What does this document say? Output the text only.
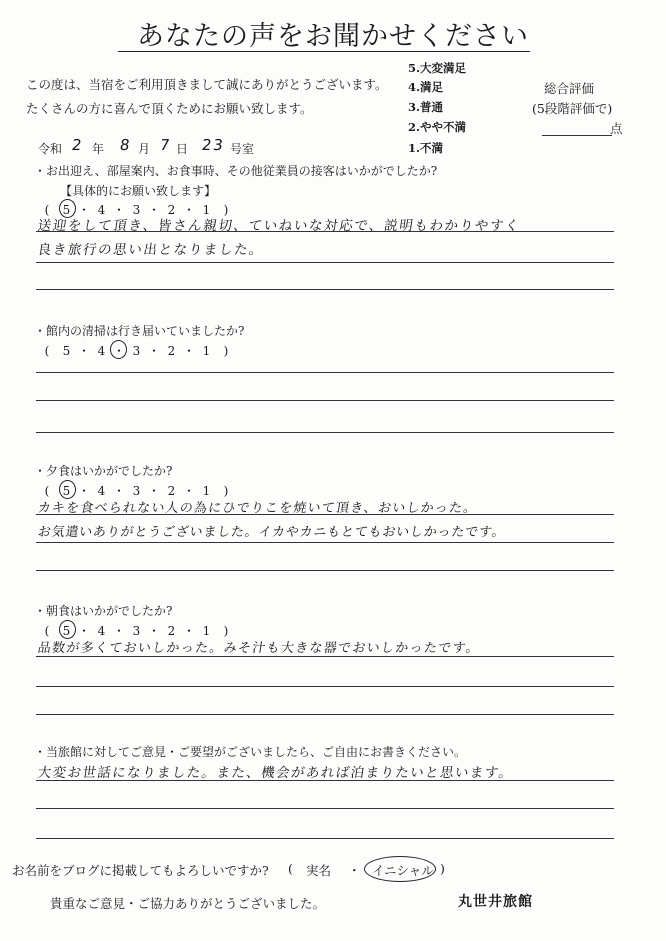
あなたの声をお聞かせください
この度は、当宿をご利用頂きまして誠にありがとうございます。
たくさんの方に喜んで頂くためにお願い致します。
5.大変満足
4.満足
3.普通
2.やや不満
1.不満
総合評価
(5段階評価で)
点
令和 2 年 8 月 7 日 23 号室
・お出迎え、部屋案内、お食事時、その他従業員の接客はいかがでしたか?
【具体的にお願い致します】
( 5 ・ 4 ・ 3 ・ 2 ・ 1 )
送迎をして頂き、皆さん親切、ていねいな対応で、説明もわかりやすく
良き旅行の思い出となりました。
・館内の清掃は行き届いていましたか?
( 5 ・ 4 ・ 3 ・ 2 ・ 1 )
・夕食はいかがでしたか?
( 5 ・ 4 ・ 3 ・ 2 ・ 1 )
カキを食べられない人の為にひでりこを焼いて頂き、おいしかった。
お気遣いありがとうございました。イカやカニもとてもおいしかったです。
・朝食はいかがでしたか?
( 5 ・ 4 ・ 3 ・ 2 ・ 1 )
品数が多くておいしかった。みそ汁も大きな器でおいしかったです。
・当旅館に対してご意見・ご要望がございましたら、ご自由にお書きください。
大変お世話になりました。また、機会があれば泊まりたいと思います。
お名前をブログに掲載してもよろしいですか? ( 実名 ・ イニシャル )
貴重なご意見・ご協力ありがとうございました。	丸世井旅館
